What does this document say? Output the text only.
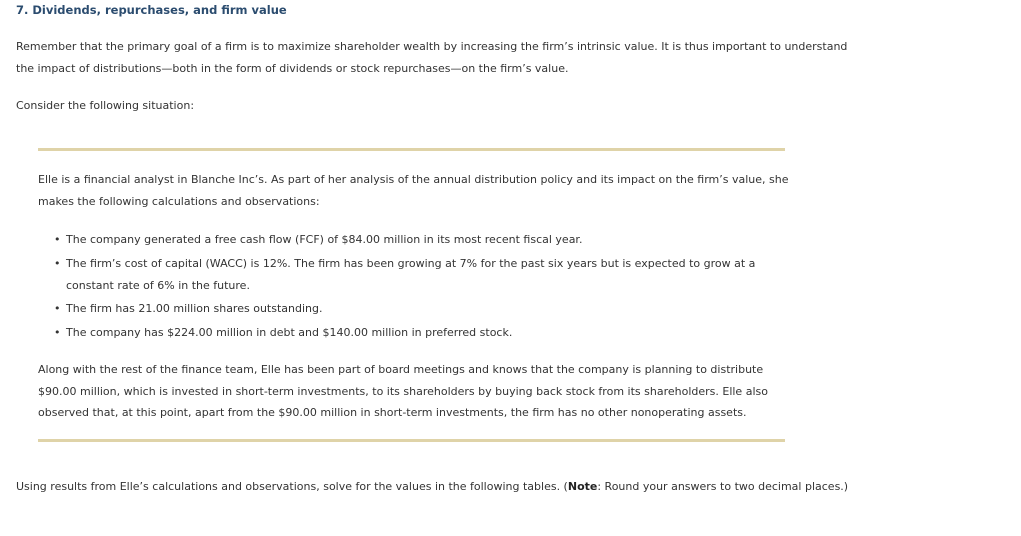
7. Dividends, repurchases, and firm value

Remember that the primary goal of a firm is to maximize shareholder wealth by increasing the firm’s intrinsic value. It is thus important to understand the impact of distributions—both in the form of dividends or stock repurchases—on the firm’s value.

Consider the following situation:

Elle is a financial analyst in Blanche Inc’s. As part of her analysis of the annual distribution policy and its impact on the firm’s value, she makes the following calculations and observations:

• The company generated a free cash flow (FCF) of $84.00 million in its most recent fiscal year.
• The firm’s cost of capital (WACC) is 12%. The firm has been growing at 7% for the past six years but is expected to grow at a constant rate of 6% in the future.
• The firm has 21.00 million shares outstanding.
• The company has $224.00 million in debt and $140.00 million in preferred stock.

Along with the rest of the finance team, Elle has been part of board meetings and knows that the company is planning to distribute $90.00 million, which is invested in short-term investments, to its shareholders by buying back stock from its shareholders. Elle also observed that, at this point, apart from the $90.00 million in short-term investments, the firm has no other nonoperating assets.

Using results from Elle’s calculations and observations, solve for the values in the following tables. (Note: Round your answers to two decimal places.)
